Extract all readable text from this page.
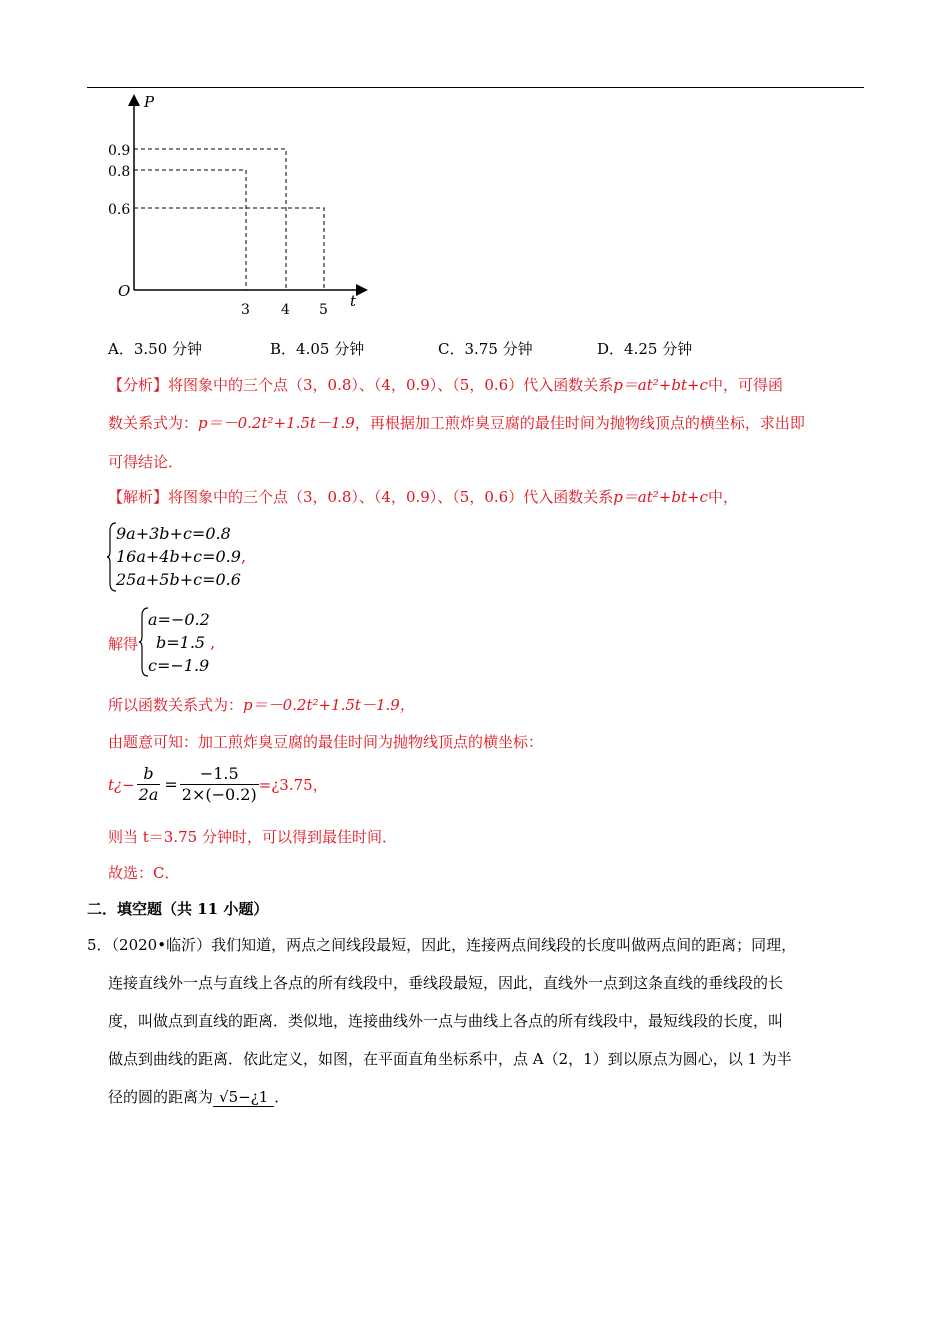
P
t
O
0.9
0.8
0.6
3 4 5
A．3.50 分钟	B．4.05 分钟	C．3.75 分钟	D．4.25 分钟
【分析】将图象中的三个点（3，0.8）、（4，0.9）、（5，0.6）代入函数关系p＝at²+bt+c中，可得函
数关系式为：p＝－0.2t²+1.5t－1.9，再根据加工煎炸臭豆腐的最佳时间为抛物线顶点的横坐标，求出即
可得结论．
【解析】将图象中的三个点（3，0.8）、（4，0.9）、（5，0.6）代入函数关系p＝at²+bt+c中，
9a+3b+c=0.8
16a+4b+c=0.9,
25a+5b+c=0.6
解得
a=−0.2
b=1.5 ,
c=−1.9
所以函数关系式为：p＝－0.2t²+1.5t－1.9，
由题意可知：加工煎炸臭豆腐的最佳时间为抛物线顶点的横坐标：
t¿− $\frac{b}{2a} = \frac{-1.5}{2\times(-0.2)}$ =¿3.75，
则当 t＝3.75 分钟时，可以得到最佳时间．
故选：C．
二．填空题（共 11 小题）
5．（2020•临沂）我们知道，两点之间线段最短，因此，连接两点间线段的长度叫做两点间的距离；同理，
连接直线外一点与直线上各点的所有线段中，垂线段最短，因此，直线外一点到这条直线的垂线段的长
度，叫做点到直线的距离．类似地，连接曲线外一点与曲线上各点的所有线段中，最短线段的长度，叫
做点到曲线的距离．依此定义，如图，在平面直角坐标系中，点 A（2，1）到以原点为圆心，以 1 为半
径的圆的距离为 √5−¿1 ．
